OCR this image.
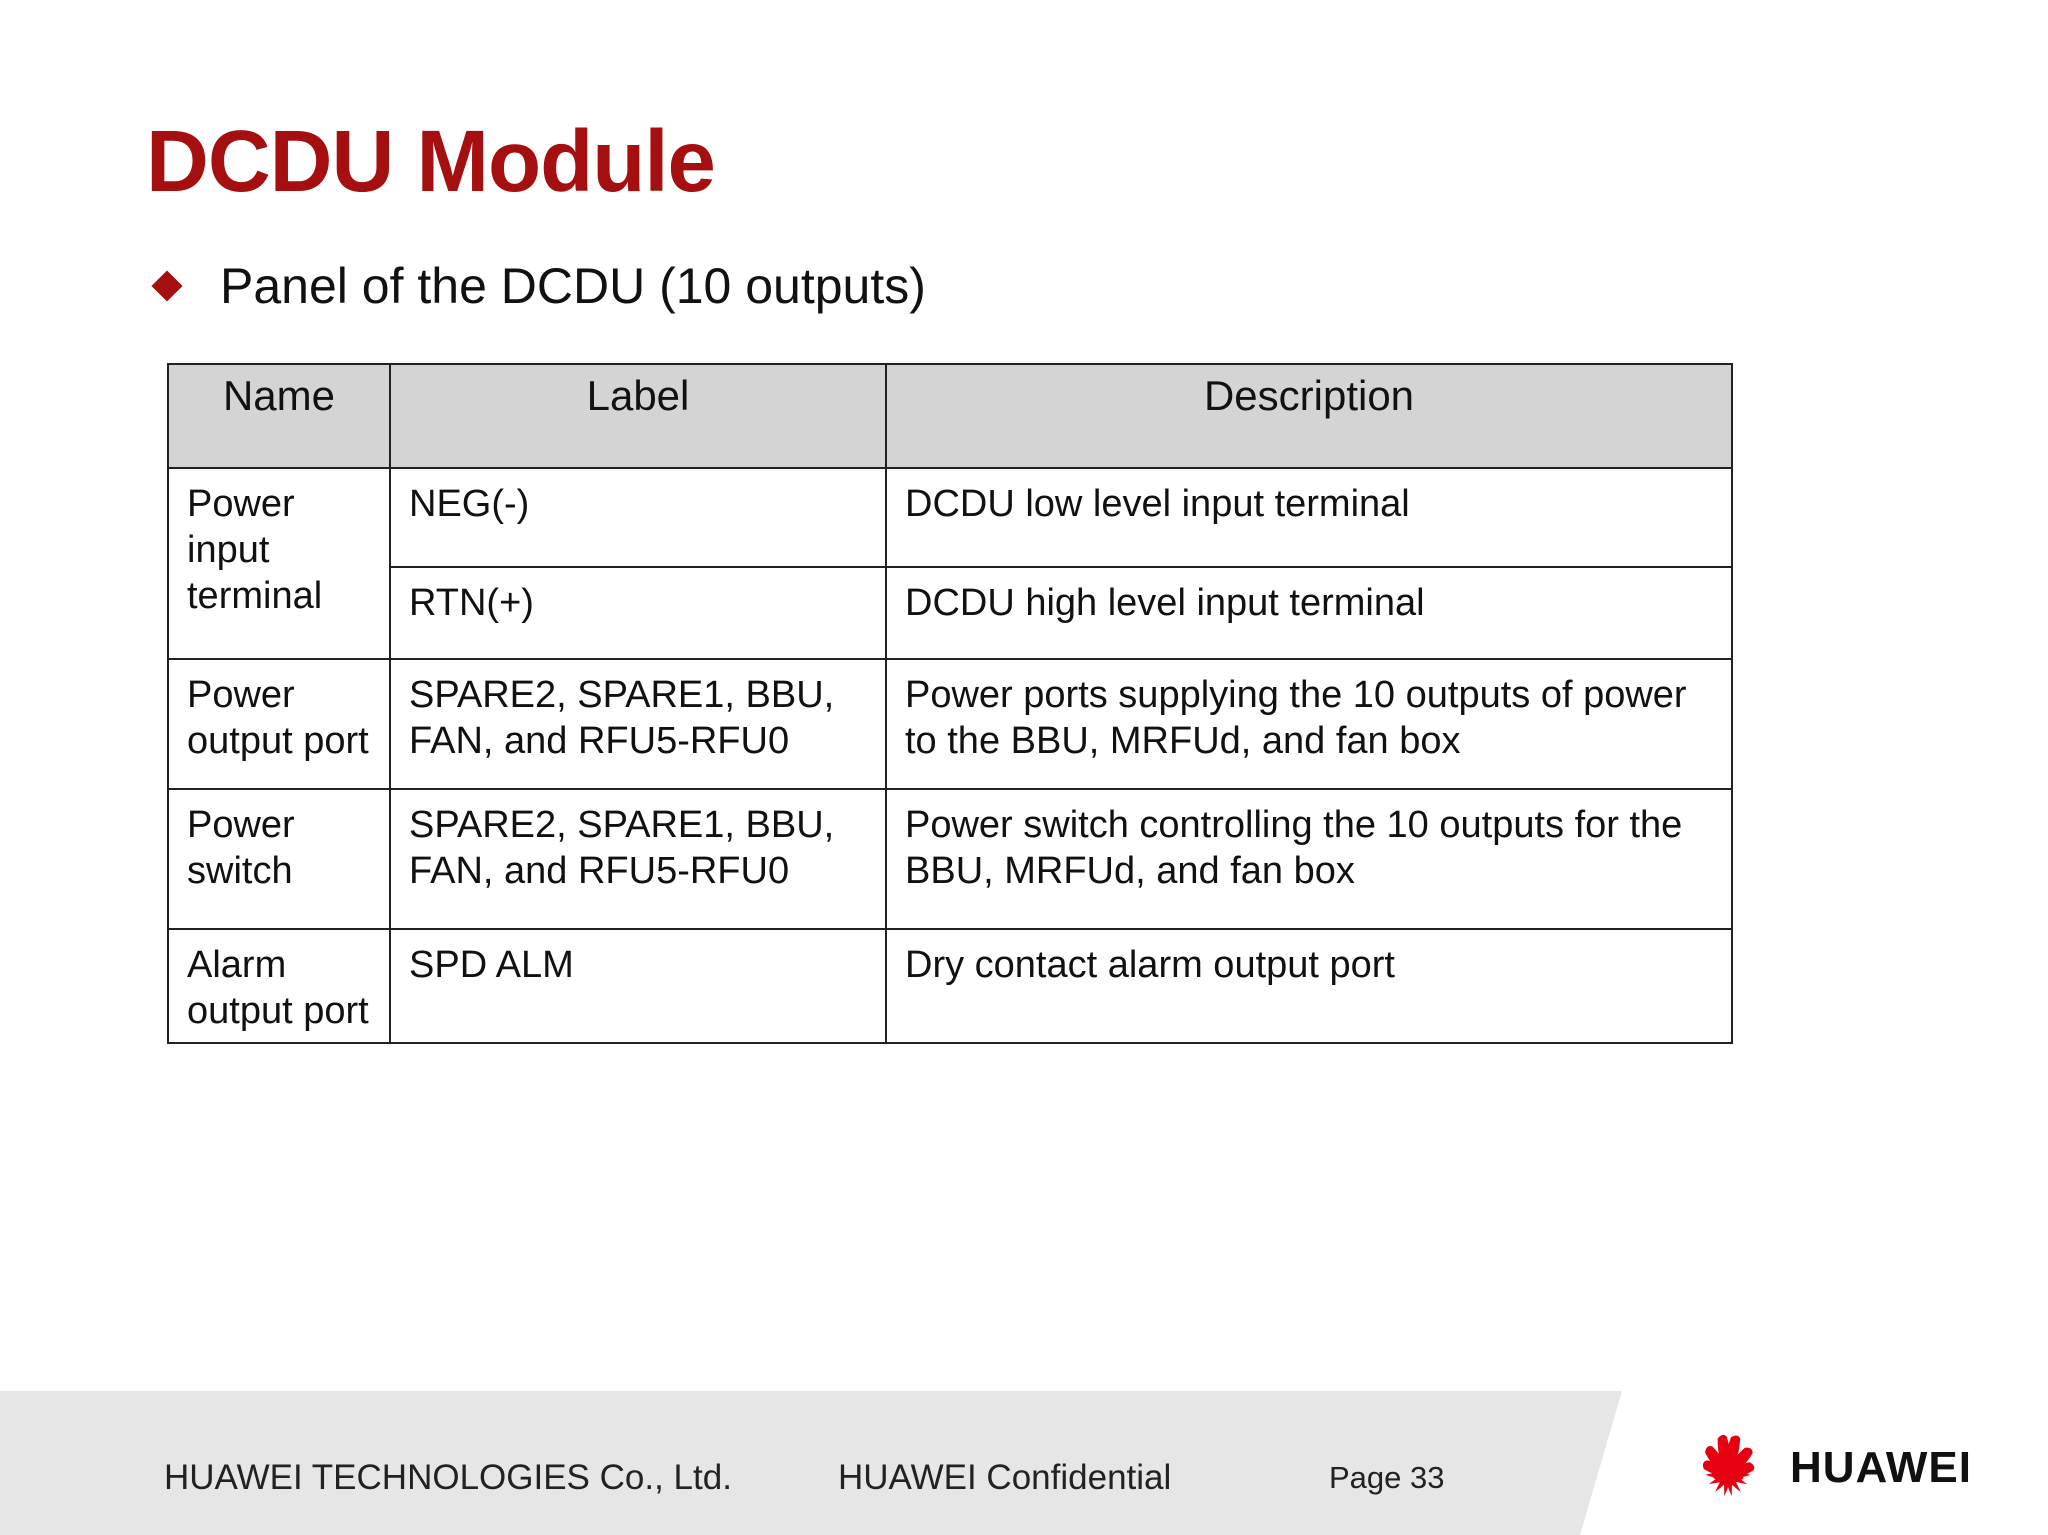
DCDU Module
Panel of the DCDU (10 outputs)
Name	Label	Description
Power input terminal	NEG(-)	DCDU low level input terminal
	RTN(+)	DCDU high level input terminal
Power output port	SPARE2, SPARE1, BBU, FAN, and RFU5-RFU0	Power ports supplying the 10 outputs of power to the BBU, MRFUd, and fan box
Power switch	SPARE2, SPARE1, BBU, FAN, and RFU5-RFU0	Power switch controlling the 10 outputs for the BBU, MRFUd, and fan box
Alarm output port	SPD ALM	Dry contact alarm output port
HUAWEI TECHNOLOGIES Co., Ltd.	HUAWEI Confidential	Page 33	HUAWEI
